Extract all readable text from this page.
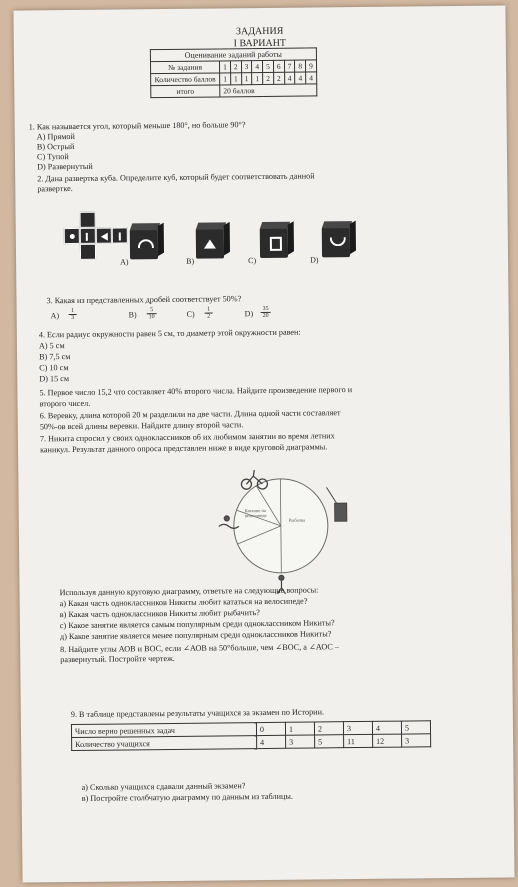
ЗАДАНИЯ
I ВАРИАНТ
Оценивание заданий работы									
№ задания	1	2	3	4	5	6	7	8	9
Количество баллов	1	1	1	1	2	2	4	4	4
итого	20 баллов								
1. Как называется угол, который меньше 180°, но больше 90°?
А) Прямой
В) Острый
С) Тупой
D) Развернутый
2. Дана развертка куба. Определите куб, который будет соответствовать данной
развертке.
А)	В)	С)	D)
3. Какая из представленных дробей соответствует 50%?
А)
1
3	В)
5
10	С)
1
2	D)
35
20
4. Если радиус окружности равен 5 см, то диаметр этой окружности равен:
А) 5 см
В) 7,5 см
С) 10 см
D) 15 см
5. Первое число 15,2 что составляет 40% второго числа. Найдите произведение первого и
второго чисел.
6. Веревку, длина которой 20 м разделили на две части. Длина одной части составляет
50%-ов всей длины веревки. Найдите длину второй части.
7. Никита спросил у своих одноклассников об их любимом занятии во время летних
каникул. Результат данного опроса представлен ниже в виде круговой диаграммы.
Рыбалка
Катание на велосипеде
Используя данную круговую диаграмму, ответьте на следующие вопросы:
а) Какая часть одноклассников Никиты любит кататься на велосипеде?
в) Какая часть одноклассников Никиты любит рыбачить?
с) Какое занятие является самым популярным среди одноклассником Никиты?
д) Какое занятие является менее популярным среди одноклассников Никиты?
8. Найдите углы АОВ и ВОС, если ∠АОВ на 50°больше, чем ∠ВОС, а ∠АОС –
развернутый. Постройте чертеж.
9. В таблице представлены результаты учащихся за экзамен по Истории.
Число верно решенных задач	0	1	2	3	4	5
Количество учащихся	4	3	5	11	12	3
а) Сколько учащихся сдавали данный экзамен?
в) Постройте столбчатую диаграмму по данным из таблицы.
